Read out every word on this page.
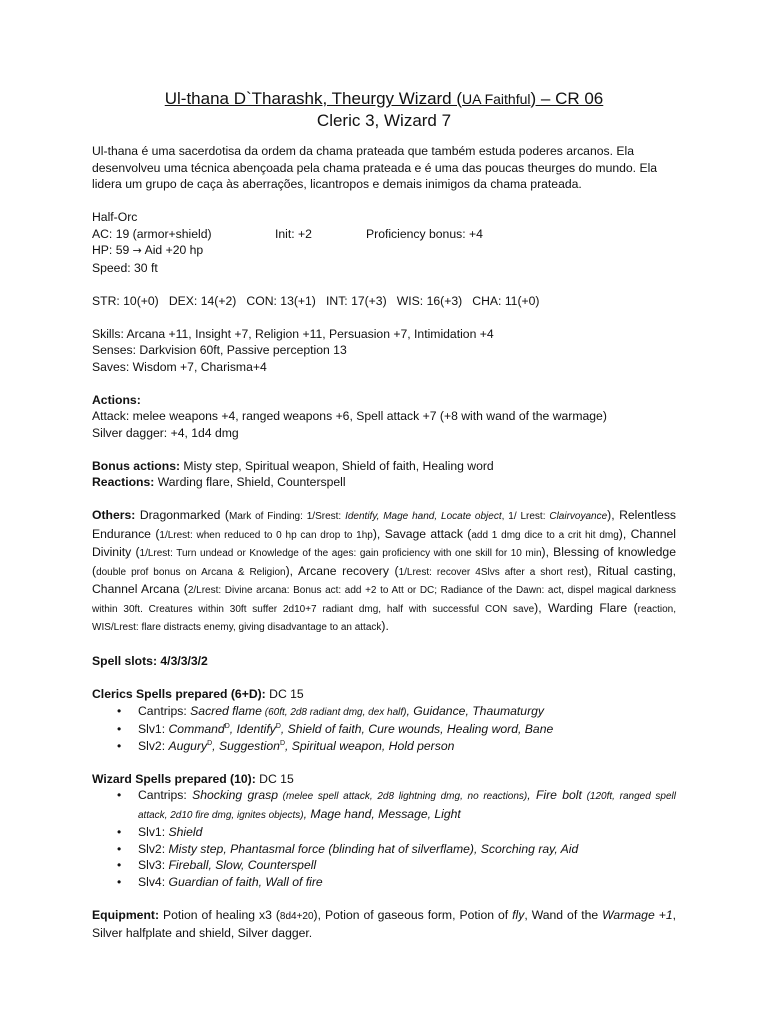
Ul-thana D`Tharashk, Theurgy Wizard (UA Faithful) – CR 06

Cleric 3, Wizard 7

Ul-thana é uma sacerdotisa da ordem da chama prateada que também estuda poderes arcanos. Ela desenvolveu uma técnica abençoada pela chama prateada e é uma das poucas theurges do mundo. Ela lidera um grupo de caça às aberrações, licantropos e demais inimigos da chama prateada.

Half-Orc

AC: 19 (armor+shield)	Init: +2	Proficiency bonus: +4

HP: 59 → Aid +20 hp

Speed: 30 ft

STR: 10(+0)   DEX: 14(+2)   CON: 13(+1)   INT: 17(+3)   WIS: 16(+3)   CHA: 11(+0)

Skills: Arcana +11, Insight +7, Religion +11, Persuasion +7, Intimidation +4

Senses: Darkvision 60ft, Passive perception 13

Saves: Wisdom +7, Charisma+4

Actions:

Attack: melee weapons +4, ranged weapons +6, Spell attack +7 (+8 with wand of the warmage)

Silver dagger: +4, 1d4 dmg

Bonus actions: Misty step, Spiritual weapon, Shield of faith, Healing word

Reactions: Warding flare, Shield, Counterspell

Others: Dragonmarked (Mark of Finding: 1/Srest: Identify, Mage hand, Locate object, 1/ Lrest: Clairvoyance), Relentless Endurance (1/Lrest: when reduced to 0 hp can drop to 1hp), Savage attack (add 1 dmg dice to a crit hit dmg), Channel Divinity (1/Lrest: Turn undead or Knowledge of the ages: gain proficiency with one skill for 10 min), Blessing of knowledge (double prof bonus on Arcana & Religion), Arcane recovery (1/Lrest: recover 4Slvs after a short rest), Ritual casting, Channel Arcana (2/Lrest: Divine arcana: Bonus act: add +2 to Att or DC; Radiance of the Dawn: act, dispel magical darkness within 30ft. Creatures within 30ft suffer 2d10+7 radiant dmg, half with successful CON save), Warding Flare (reaction, WIS/Lrest: flare distracts enemy, giving disadvantage to an attack).

Spell slots: 4/3/3/3/2

Clerics Spells prepared (6+D): DC 15

• Cantrips: Sacred flame (60ft, 2d8 radiant dmg, dex half), Guidance, Thaumaturgy
• Slv1: Command$^D$, Identify$^D$, Shield of faith, Cure wounds, Healing word, Bane
• Slv2: Augury$^D$, Suggestion$^D$, Spiritual weapon, Hold person

Wizard Spells prepared (10): DC 15

• Cantrips: Shocking grasp (melee spell attack, 2d8 lightning dmg, no reactions), Fire bolt (120ft, ranged spell attack, 2d10 fire dmg, ignites objects), Mage hand, Message, Light
• Slv1: Shield
• Slv2: Misty step, Phantasmal force (blinding hat of silverflame), Scorching ray, Aid
• Slv3: Fireball, Slow, Counterspell
• Slv4: Guardian of faith, Wall of fire

Equipment: Potion of healing x3 (8d4+20), Potion of gaseous form, Potion of fly, Wand of the Warmage +1, Silver halfplate and shield, Silver dagger.
